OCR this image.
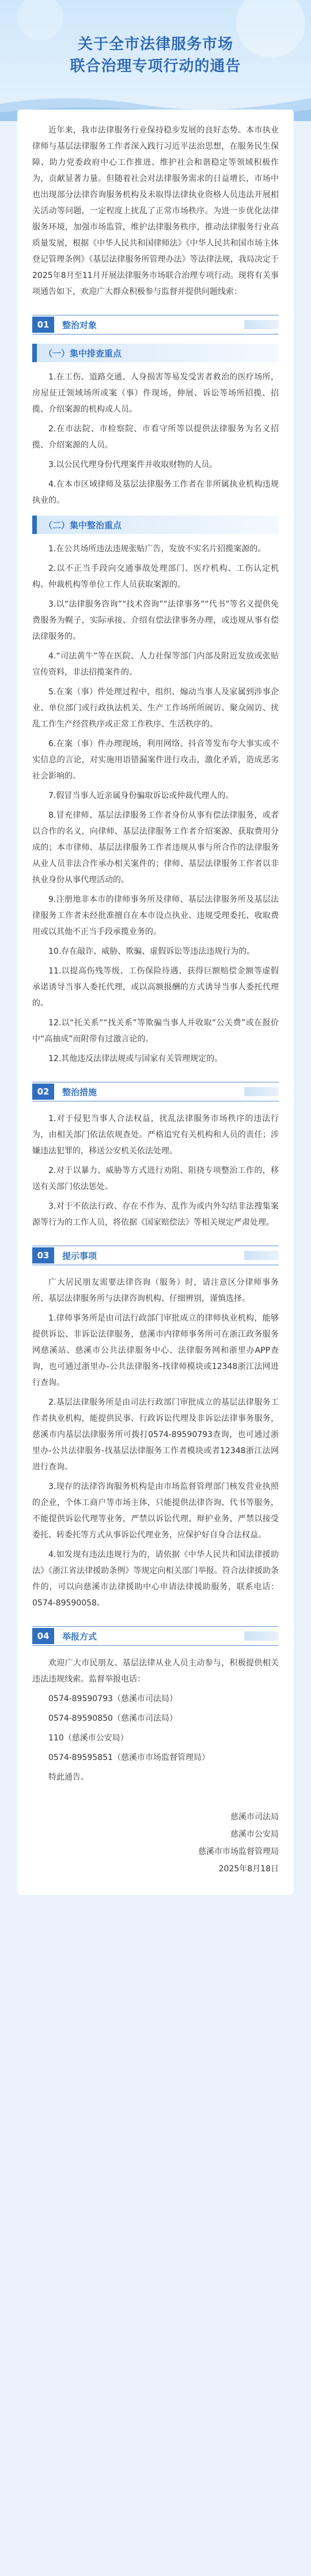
关于全市法律服务市场
联合治理专项行动的通告

近年来，我市法律服务行业保持稳步发展的良好态势。本市执业律师与基层法律服务工作者深入践行习近平法治思想，在服务民生保障、助力党委政府中心工作推进、维护社会和谐稳定等领域积极作为，贡献显著力量。但随着社会对法律服务需求的日益增长，市场中也出现部分法律咨询服务机构及未取得法律执业资格人员违法开展相关活动等问题，一定程度上扰乱了正常市场秩序。为进一步优化法律服务环境，加强市场监管，维护法律服务秩序，推动法律服务行业高质量发展，根据《中华人民共和国律师法》《中华人民共和国市场主体登记管理条例》《基层法律服务所管理办法》等法律法规，我局决定于2025年8月至11月开展法律服务市场联合治理专项行动。现将有关事项通告如下，欢迎广大群众积极参与监督并提供问题线索：

01	整治对象
（一）集中排查重点

1.在工伤、道路交通、人身损害等易发受害者救治的医疗场所，房屋征迁领域场所或案（事）件现场，伸展、诉讼等场所招揽、招揽、介绍案源的机构或人员。

2.在市法院、市检察院、市看守所等以提供法律服务为名义招揽、介绍案源的人员。

3.以公民代理身份代理案件并收取财物的人员。

4.在本市区域律师及基层法律服务工作者在非所属执业机构违规执业的。

（二）集中整治重点

1.在公共场所违法违规张贴广告，发放不实名片招揽案源的。

2.以不正当手段向交通事故处理部门、医疗机构、工伤认定机构、仲裁机构等单位工作人员获取案源的。

3.以“法律服务咨询”“技术咨询”“法律事务”“代书”等名义提供免费服务为幌子，实际承接、介绍有偿法律事务办理，或违规从事有偿法律服务的。

4.“司法黄牛”等在医院、人力社保等部门内部及附近发放或张贴宣传资料，非法招揽案件的。

5.在案（事）件处理过程中，组织、煽动当事人及家属到涉事企业、单位部门或行政执法机关、生产工作场所所闹访、聚众闹访、扰乱工作生产经营秩序或正常工作秩序、生活秩序的。

6.在案（事）件办理现场，利用网络、抖音等发布夸大事实或不实信息的言论，对实施用语错漏案件进行攻击，激化矛盾，造成恶劣社会影响的。

7.假冒当事人近亲属身份骗取诉讼或仲裁代理人的。

8.冒充律师、基层法律服务工作者身份从事有偿法律服务，或者以合作的名义，向律师、基层法律服务工作者介绍案源、获取费用分成的；本市律师、基层法律服务工作者违规从事与所合作的法律服务从业人员非法合作承办相关案件的；律师、基层法律服务工作者以非执业身份从事代理活动的。

9.注册地非本市的律师事务所及律师、基层法律服务所及基层法律服务工作者未经批准擅自在本市设点执业、违规受理委托、收取费用或以其他不正当手段承揽业务的。

10.存在敲诈、威胁、欺骗、虚假诉讼等违法违规行为的。

11.以提高伤残等级、工伤保险待遇、获得巨额赔偿金额等虚假承诺诱导当事人委托代理，或以高额报酬的方式诱导当事人委托代理的。

12.以“托关系”“找关系”等欺骗当事人并收取“公关费”或在报价中“高抽成”而附带有过激言论的。

12.其他违反法律法规或与国家有关管理规定的。

02	整治措施

1.对于侵犯当事人合法权益，扰乱法律服务市场秩序的违法行为，由相关部门依法依规查处。严格追究有关机构和人员的责任；涉嫌违法犯罪的，移送公安机关依法处理。

2.对于以暴力、威胁等方式进行劝阻、阻挠专项整治工作的，移送有关部门依法惩处。

3.对于不依法行政、存在不作为、乱作为或内外勾结非法搜集案源等行为的工作人员，将依据《国家赔偿法》等相关规定严肃处理。

03	提示事项

广大居民朋友需要法律咨询（服务）时，请注意区分律师事务所、基层法律服务所与法律咨询机构、仔细辨别，谨慎选择。

1.律师事务所是由司法行政部门审批成立的律师执业机构，能够提供诉讼、非诉讼法律服务，慈溪市内律师事务所可在浙江政务服务网慈溪站、慈溪市公共法律服务中心、法律服务网和浙里办APP查询，也可通过浙里办-公共法律服务-找律师模块或12348浙江法网进行查询。

2.基层法律服务所是由司法行政部门审批成立的基层法律服务工作者执业机构，能提供民事、行政诉讼代理及非诉讼法律事务服务，慈溪市内基层法律服务所可拨打0574-89590793查询，也可通过浙里办-公共法律服务-找基层法律服务工作者模块或者12348浙江法网进行查询。

3.现存的法律咨询服务机构是由市场监督管理部门核发营业执照的企业，个体工商户等市场主体，只能提供法律咨询、代书等服务，不能提供诉讼代理等业务，严禁以诉讼代理、辩护业务，严禁以接受委托、转委托等方式从事诉讼代理业务，应保护好自身合法权益。

4.如发现有违法违规行为的，请依据《中华人民共和国法律援助法》《浙江省法律援助条例》等规定向相关部门举报。符合法律援助条件的，可以向慈溪市法律援助中心申请法律援助服务，联系电话：0574-89590058。

04	举报方式

欢迎广大市民朋友、基层法律从业人员主动参与，积极提供相关违法违规线索。监督举报电话：

0574-89590793（慈溪市司法局）

0574-89590850（慈溪市司法局）

110（慈溪市公安局）

0574-89595851（慈溪市市场监督管理局）

特此通告。

慈溪市司法局
慈溪市公安局
慈溪市市场监督管理局
2025年8月18日
